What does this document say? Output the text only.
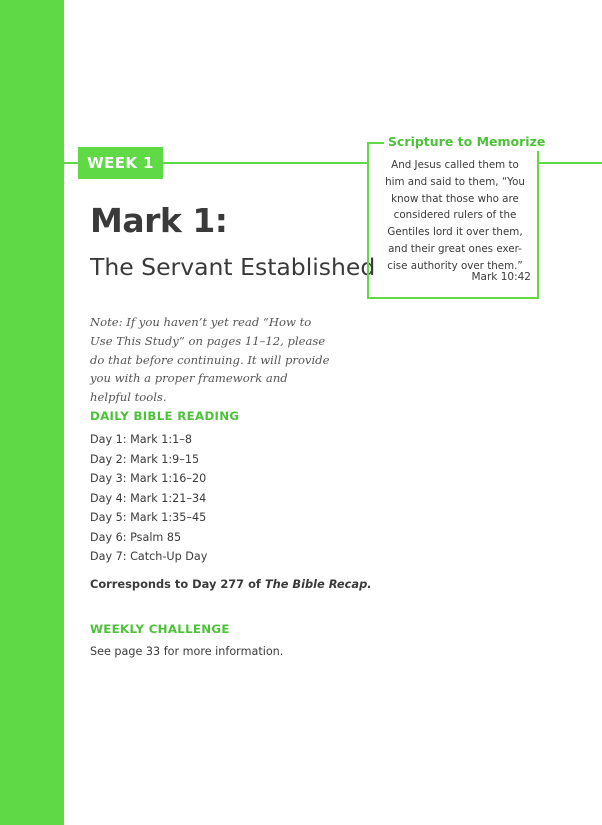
WEEK 1
Mark 1:
The Servant Established
Scripture to Memorize
And Jesus called them to
him and said to them, “You
know that those who are
considered rulers of the
Gentiles lord it over them,
and their great ones exer-
cise authority over them.”
Mark 10:42
Note: If you haven’t yet read “How to Use This Study” on pages 11–12, please do that before continuing. It will provide you with a proper framework and helpful tools.
DAILY BIBLE READING
Day 1: Mark 1:1–8
Day 2: Mark 1:9–15
Day 3: Mark 1:16–20
Day 4: Mark 1:21–34
Day 5: Mark 1:35–45
Day 6: Psalm 85
Day 7: Catch-Up Day
Corresponds to Day 277 of The Bible Recap.
WEEKLY CHALLENGE
See page 33 for more information.
